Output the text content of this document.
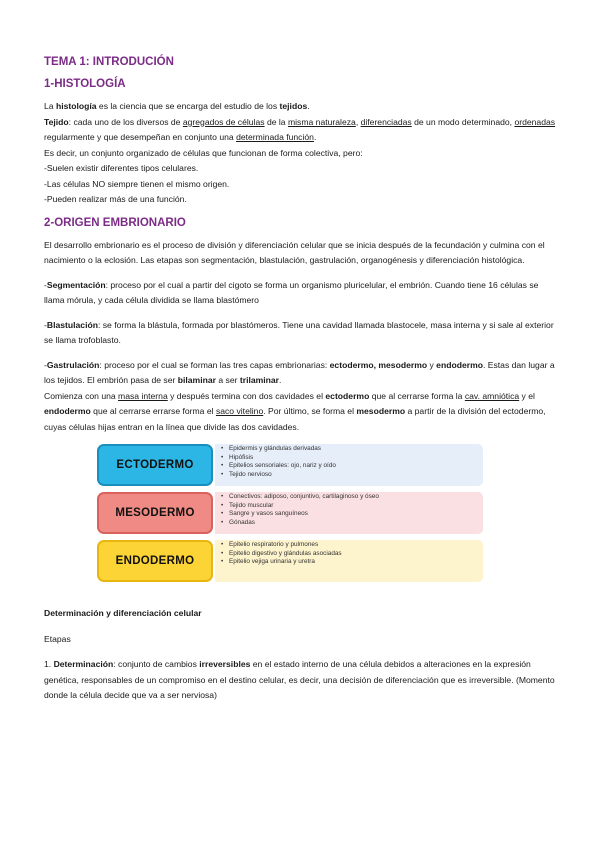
TEMA 1: INTRODUCIÓN
1-HISTOLOGÍA

La histología es la ciencia que se encarga del estudio de los tejidos.

Tejido: cada uno de los diversos de agregados de células de la misma naturaleza, diferenciadas de un modo determinado, ordenadas regularmente y que desempeñan en conjunto una determinada función.

Es decir, un conjunto organizado de células que funcionan de forma colectiva, pero:

-Suelen existir diferentes tipos celulares.

-Las células NO siempre tienen el mismo origen.

-Pueden realizar más de una función.

2-ORIGEN EMBRIONARIO

El desarrollo embrionario es el proceso de división y diferenciación celular que se inicia después de la fecundación y culmina con el nacimiento o la eclosión. Las etapas son segmentación, blastulación, gastrulación, organogénesis y diferenciación histológica.

-Segmentación: proceso por el cual a partir del cigoto se forma un organismo pluricelular, el embrión. Cuando tiene 16 células se llama mórula, y cada célula dividida se llama blastómero

-Blastulación: se forma la blástula, formada por blastómeros. Tiene una cavidad llamada blastocele, masa interna y si sale al exterior se llama trofoblasto.

-Gastrulación: proceso por el cual se forman las tres capas embrionarias: ectodermo, mesodermo y endodermo. Estas dan lugar a los tejidos. El embrión pasa de ser bilaminar a ser trilaminar.

Comienza con una masa interna y después termina con dos cavidades el ectodermo que al cerrarse forma la cav. amniótica y el endodermo que al cerrarse errarse forma el saco vitelino. Por último, se forma el mesodermo a partir de la división del ectodermo, cuyas células hijas entran en la línea que divide las dos cavidades.

ECTODERMO
• Epidermis y glándulas derivadas
• Hipófisis
• Epitelios sensoriales: ojo, nariz y oído
• Tejido nervioso
MESODERMO
• Conectivos: adiposo, conjuntivo, cartilaginoso y óseo
• Tejido muscular
• Sangre y vasos sanguíneos
• Gónadas
ENDODERMO
• Epitelio respiratorio y pulmones
• Epitelio digestivo y glándulas asociadas
• Epitelio vejiga urinaria y uretra

Determinación y diferenciación celular

Etapas

1. Determinación: conjunto de cambios irreversibles en el estado interno de una célula debidos a alteraciones en la expresión genética, responsables de un compromiso en el destino celular, es decir, una decisión de diferenciación que es irreversible. (Momento donde la célula decide que va a ser nerviosa)
